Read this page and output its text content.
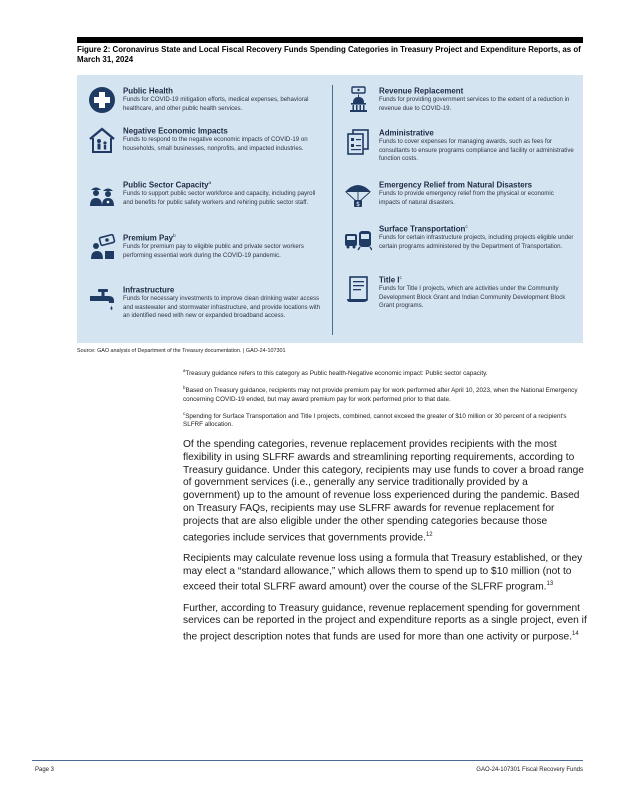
Figure 2: Coronavirus State and Local Fiscal Recovery Funds Spending Categories in Treasury Project and Expenditure Reports, as of March 31, 2024
Public Health
Funds for COVID-19 mitigation efforts, medical expenses, behavioral healthcare, and other public health services.
Negative Economic Impacts
Funds to respond to the negative economic impacts of COVID-19 on households, small businesses, nonprofits, and impacted industries.
Public Sector Capacity$^a$
Funds to support public sector workforce and capacity, including payroll and benefits for public safety workers and rehiring public sector staff.
Premium Pay$^b$
Funds for premium pay to eligible public and private sector workers performing essential work during the COVID-19 pandemic.
Infrastructure
Funds for necessary investments to improve clean drinking water access and wastewater and stormwater infrastructure, and provide locations with an identified need with new or expanded broadband access.
Revenue Replacement
Funds for providing government services to the extent of a reduction in revenue due to COVID-19.
Administrative
Funds to cover expenses for managing awards, such as fees for consultants to ensure programs compliance and facility or administrative function costs.
$
Emergency Relief from Natural Disasters
Funds to provide emergency relief from the physical or economic impacts of natural disasters.
Surface Transportation$^c$
Funds for certain infrastructure projects, including projects eligible under certain programs administered by the Department of Transportation.
Title $I^c$
Funds for Title I projects, which are activities under the Community Development Block Grant and Indian Community Development Block Grant programs.
Source: GAO analysis of Department of the Treasury documentation. | GAO-24-107301

$^a$Treasury guidance refers to this category as Public health-Negative economic impact: Public sector capacity.

$^b$Based on Treasury guidance, recipients may not provide premium pay for work performed after April 10, 2023, when the National Emergency concerning COVID-19 ended, but may award premium pay for work performed prior to that date.

$^c$Spending for Surface Transportation and Title I projects, combined, cannot exceed the greater of $10 million or 30 percent of a recipient's SLFRF allocation.

Of the spending categories, revenue replacement provides recipients with the most flexibility in using SLFRF awards and streamlining reporting requirements, according to Treasury guidance. Under this category, recipients may use funds to cover a broad range of government services (i.e., generally any service traditionally provided by a government) up to the amount of revenue loss experienced during the pandemic. Based on Treasury FAQs, recipients may use SLFRF awards for revenue replacement for projects that are also eligible under the other spending categories because those categories include services that governments provide.$^{12}$

Recipients may calculate revenue loss using a formula that Treasury established, or they may elect a “standard allowance,” which allows them to spend up to $10 million (not to exceed their total SLFRF award amount) over the course of the SLFRF program.$^{13}$

Further, according to Treasury guidance, revenue replacement spending for government services can be reported in the project and expenditure reports as a single project, even if the project description notes that funds are used for more than one activity or purpose.$^{14}$

Page 3	GAO-24-107301 Fiscal Recovery Funds
